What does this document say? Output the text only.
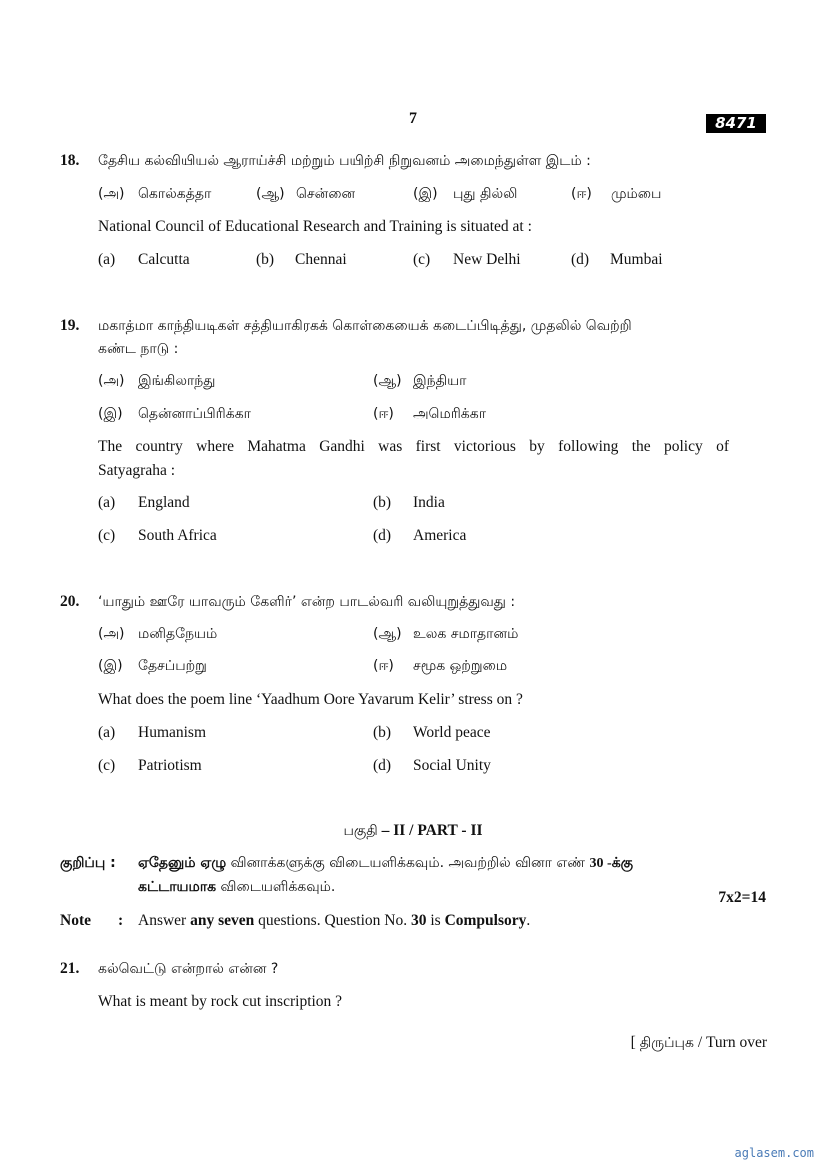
7	8471
18. தேசிய கல்வியியல் ஆராய்ச்சி மற்றும் பயிற்சி நிறுவனம் அமைந்துள்ள இடம் :
(அ) கொல்கத்தா	(ஆ) சென்னை	(இ) புது தில்லி	(ஈ) மும்பை
National Council of Educational Research and Training is situated at :
(a) Calcutta	(b) Chennai	(c) New Delhi	(d) Mumbai
19. மகாத்மா காந்தியடிகள் சத்தியாகிரகக் கொள்கையைக் கடைப்பிடித்து, முதலில் வெற்றி
கண்ட நாடு :
(அ) இங்கிலாந்து	(ஆ) இந்தியா
(இ) தென்னாப்பிரிக்கா	(ஈ) அமெரிக்கா
The country where Mahatma Gandhi was first victorious by following the policy of
Satyagraha :
(a) England	(b) India
(c) South Africa	(d) America
20. ‘யாதும் ஊரே யாவரும் கேளிர்’ என்ற பாடல்வரி வலியுறுத்துவது :
(அ) மனிதநேயம்	(ஆ) உலக சமாதானம்
(இ) தேசப்பற்று	(ஈ) சமூக ஒற்றுமை
What does the poem line ‘Yaadhum Oore Yavarum Kelir’ stress on ?
(a) Humanism	(b) World peace
(c) Patriotism	(d) Social Unity
பகுதி – II / PART - II
குறிப்பு : ஏதேனும் ஏழு வினாக்களுக்கு விடையளிக்கவும். அவற்றில் வினா எண் 30 -க்கு
கட்டாயமாக விடையளிக்கவும்.
7x2=14
Note : Answer any seven questions. Question No. 30 is Compulsory.
21. கல்வெட்டு என்றால் என்ன ?
What is meant by rock cut inscription ?
[ திருப்புக / Turn over
aglasem.com
